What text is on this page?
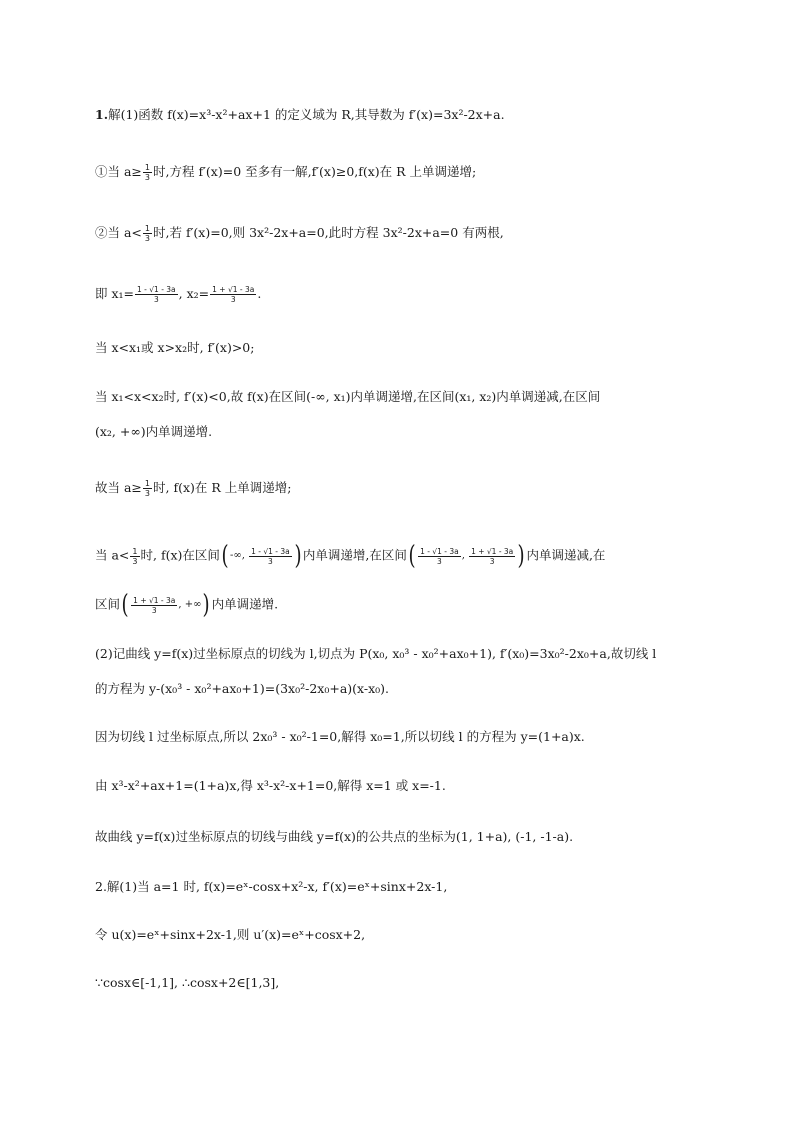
1.解(1)函数 f(x)=x³-x²+ax+1 的定义域为 R,其导数为 f′(x)=3x²-2x+a.
①当 $a\ge \frac{1}{3}$ 时,方程 f′(x)=0 至多有一解,f′(x)≥0,f(x)在 R 上单调递增;
②当 $a< \frac{1}{3}$ 时,若 f′(x)=0,则 3x²-2x+a=0,此时方程 3x²-2x+a=0 有两根,
即 $x_1= \frac{1 - √1 - 3a}{3}$ , $x_2= \frac{1 + √1 - 3a}{3}$ .
当 x<x₁或 x>x₂时, f′(x)>0;
当 x₁<x<x₂时, f′(x)<0,故 f(x)在区间(-∞, x₁)内单调递增,在区间(x₁, x₂)内单调递减,在区间
(x₂, +∞)内单调递增.
故当 $a\ge \frac{1}{3}$ 时, f(x)在 R 上单调递增;
当 $a< \frac{1}{3}$ 时, f(x)在区间 ( -∞,
$\frac{1 - √1 - 3a}{3}$ ) 内单调递增,在区间 ( $\frac{1 - √1 - 3a}{3}$ , $\frac{1 + √1 - 3a}{3}$ ) 内单调递减,在
区间 ( $\frac{1 + √1 - 3a}{3}$ , +∞ ) 内单调递增.
(2)记曲线 y=f(x)过坐标原点的切线为 l,切点为 P(x₀, x₀³ - x₀²+ax₀+1), f′(x₀)=3x₀²-2x₀+a,故切线 l
的方程为 y-(x₀³ - x₀²+ax₀+1)=(3x₀²-2x₀+a)(x-x₀).
因为切线 l 过坐标原点,所以 2x₀³ - x₀²-1=0,解得 x₀=1,所以切线 l 的方程为 y=(1+a)x.
由 x³-x²+ax+1=(1+a)x,得 x³-x²-x+1=0,解得 x=1 或 x=-1.
故曲线 y=f(x)过坐标原点的切线与曲线 y=f(x)的公共点的坐标为(1, 1+a), (-1, -1-a).
2.解(1)当 a=1 时, f(x)=eˣ-cosx+x²-x, f′(x)=eˣ+sinx+2x-1,
令 u(x)=eˣ+sinx+2x-1,则 u′(x)=eˣ+cosx+2,
∵cosx∈[-1,1], ∴cosx+2∈[1,3],
